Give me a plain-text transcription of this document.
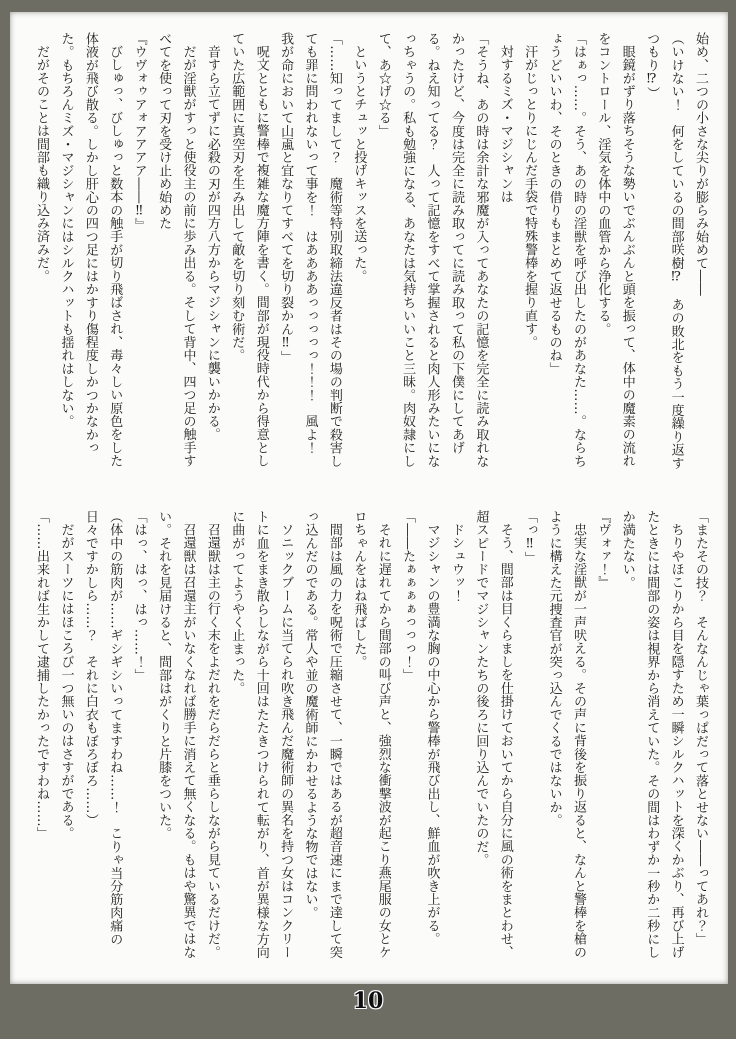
始め、二つの小さな尖りが膨らみ始めて――

（いけない！　何をしているの間部咲樹⁉　あの敗北をもう一度繰り返すつもり⁉）

眼鏡がずり落ちそうな勢いでぶんぶんと頭を振って、体中の魔素の流れをコントロール、淫気を体中の血管から浄化する。

「はぁっ……。そう、あの時の淫獣を呼び出したのがあなた……。ならちょうどいいわ、そのときの借りもまとめて返せるものね」

汗がじっとりにじんだ手袋で特殊警棒を握り直す。

対するミズ・マジシャンは

「そうね、あの時は余計な邪魔が入ってあなたの記憶を完全に読み取れなかったけど、今度は完全に読み取ってに読み取って私の下僕にしてあげる。ねえ知ってる？　人って記憶をすべて掌握されると肉人形みたいになっちゃうの。私も勉強になる、あなたは気持ちいいこと三昧。肉奴隷にして、あ☆げ☆る」

というとチュッと投げキッスを送った。

「……知ってまして？　魔術等特別取締法違反者はその場の判断で殺害しても罪に問われないって事を！　はああああっっっっっ！！！　風よ！　我が命において山颪と宜なりてすべてを切り裂かん‼」

呪文とともに警棒で複雑な魔方陣を書く。間部が現役時代から得意としていた広範囲に真空刃を生み出して敵を切り刻む術だ。

音すら立てずに必殺の刃が四方八方からマジシャンに襲いかかる。

だが淫獣がすっと使役主の前に歩み出る。そして背中、四つ足の触手すべてを使って刃を受け止め始めた

『ウヴォゥアォアアアア――‼』

びしゅっ、びしゅっと数本の触手が切り飛ばされ、毒々しい原色をした体液が飛び散る。しかし肝心の四つ足にはかすり傷程度しかつかなかった。もちろんミズ・マジシャンにはシルクハットも揺れはしない。

だがそのことは間部も織り込み済みだ。

「またその技？　そんなんじゃ葉っぱだって落とせない――ってあれ？」

ちりやほこりから目を隠すため一瞬シルクハットを深くかぶり、再び上げたときには間部の姿は視界から消えていた。その間はわずか一秒か二秒にしか満たない。

『ヴォァ！』

忠実な淫獣が一声吠える。その声に背後を振り返ると、なんと警棒を槍のように構えた元捜査官が突っ込んでくるではないか。

「っ‼」

そう、間部は目くらましを仕掛けておいてから自分に風の術をまとわせ、超スピードでマジシャンたちの後ろに回り込んでいたのだ。

ドシュウッ！

マジシャンの豊満な胸の中心から警棒が飛び出し、鮮血が吹き上がる。

「――たぁぁぁぁっっっ！」

それに遅れてから間部の叫び声と、強烈な衝撃波が起こり燕尾服の女とケロちゃんをはね飛ばした。

間部は風の力を呪術で圧縮させて、一瞬ではあるが超音速にまで達して突っ込んだのである。常人や並の魔術師にかわせるような物ではない。

ソニックブームに当てられ吹き飛んだ魔術師の異名を持つ女はコンクリートに血をまき散らしながら十回はたたきつけられて転がり、首が異様な方向に曲がってようやく止まった。

召還獣は主の行く末をよだれをだらだらと垂らしながら見ているだけだ。

召還獣は召還主がいなくなれば勝手に消えて無くなる。もはや驚異ではない。それを見届けると、間部はがくりと片膝をついた。

「はっ、はっ、はっ……！」

（体中の筋肉が……ギシギシいってますわね……！　こりゃ当分筋肉痛の日々ですかしら……？　それに白衣もぼろぼろ……）

だがスーツにはほころび一つ無いのはさすがである。

「……出来れば生かして逮捕したかったですわね……」

10
